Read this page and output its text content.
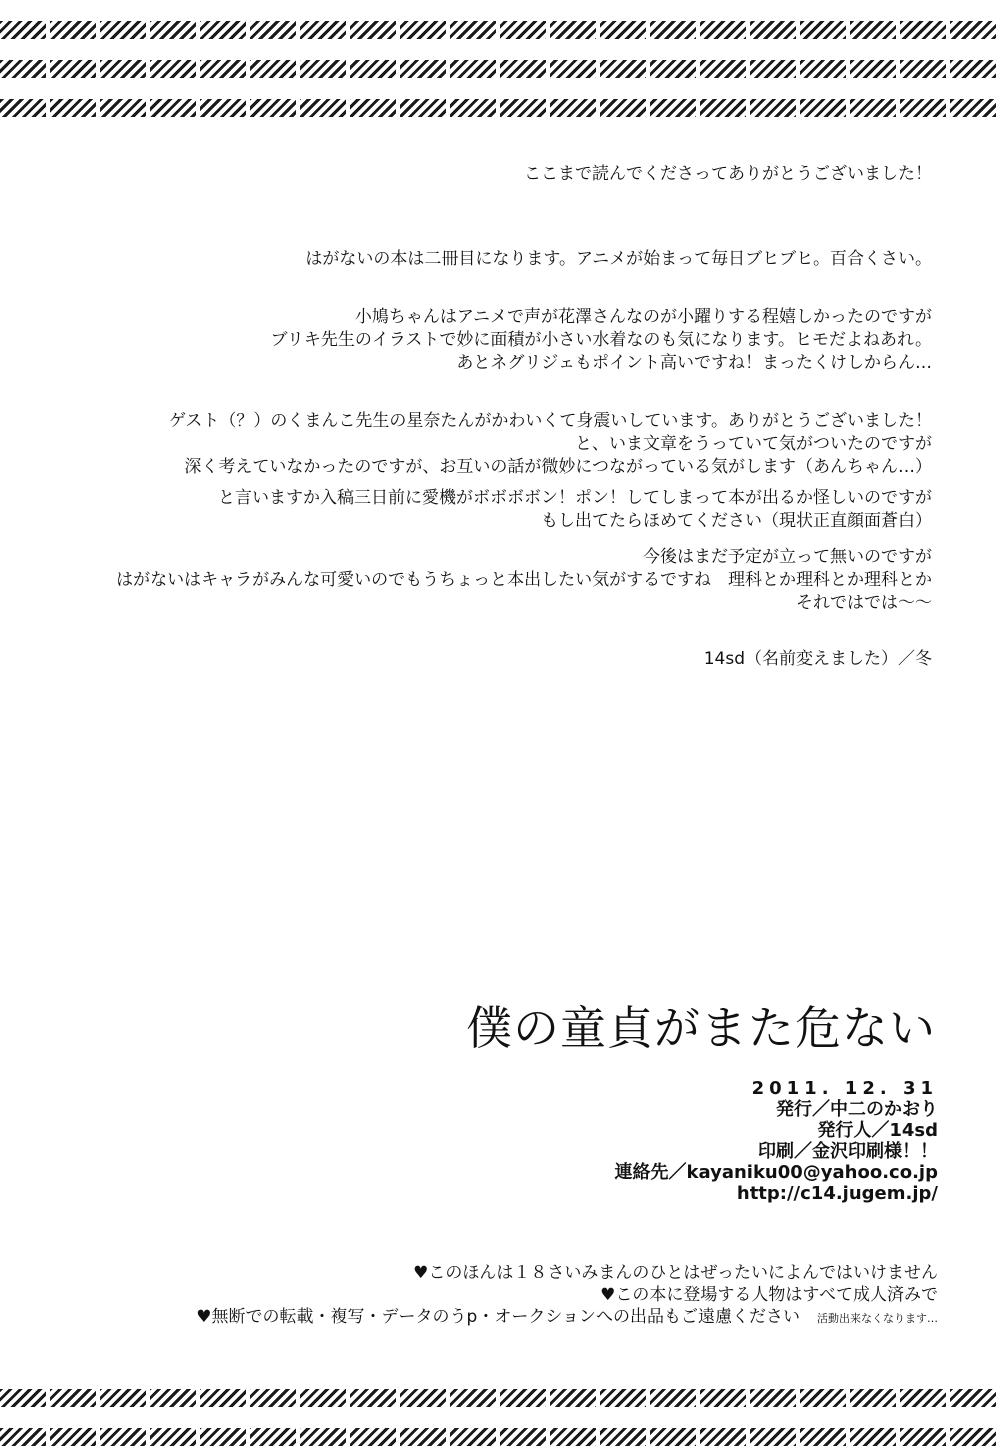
ここまで読んでくださってありがとうございました！
はがないの本は二冊目になります。アニメが始まって毎日ブヒブヒ。百合くさい。
小鳩ちゃんはアニメで声が花澤さんなのが小躍りする程嬉しかったのですが
ブリキ先生のイラストで妙に面積が小さい水着なのも気になります。ヒモだよねあれ。
あとネグリジェもポイント高いですね！まったくけしからん…
ゲスト（？）のくまんこ先生の星奈たんがかわいくて身震いしています。ありがとうございました！
と、いま文章をうっていて気がついたのですが
深く考えていなかったのですが、お互いの話が微妙につながっている気がします（あんちゃん…）
と言いますか入稿三日前に愛機がボボボボン！ポン！してしまって本が出るか怪しいのですが
もし出てたらほめてください（現状正直顔面蒼白）
今後はまだ予定が立って無いのですが
はがないはキャラがみんな可愛いのでもうちょっと本出したい気がするですね　理科とか理科とか理科とか
それではでは〜〜
14sd（名前変えました）／冬
僕の童貞がまた危ない
2011. 12. 31
発行／中二のかおり
発行人／14sd
印刷／金沢印刷様！！
連絡先／kayaniku00@yahoo.co.jp
http://c14.jugem.jp/
♥このほんは１８さいみまんのひとはぜったいによんではいけません
♥この本に登場する人物はすべて成人済みで
♥無断での転載・複写・データのうp・オークションへの出品もご遠慮ください　 活動出来なくなります…
